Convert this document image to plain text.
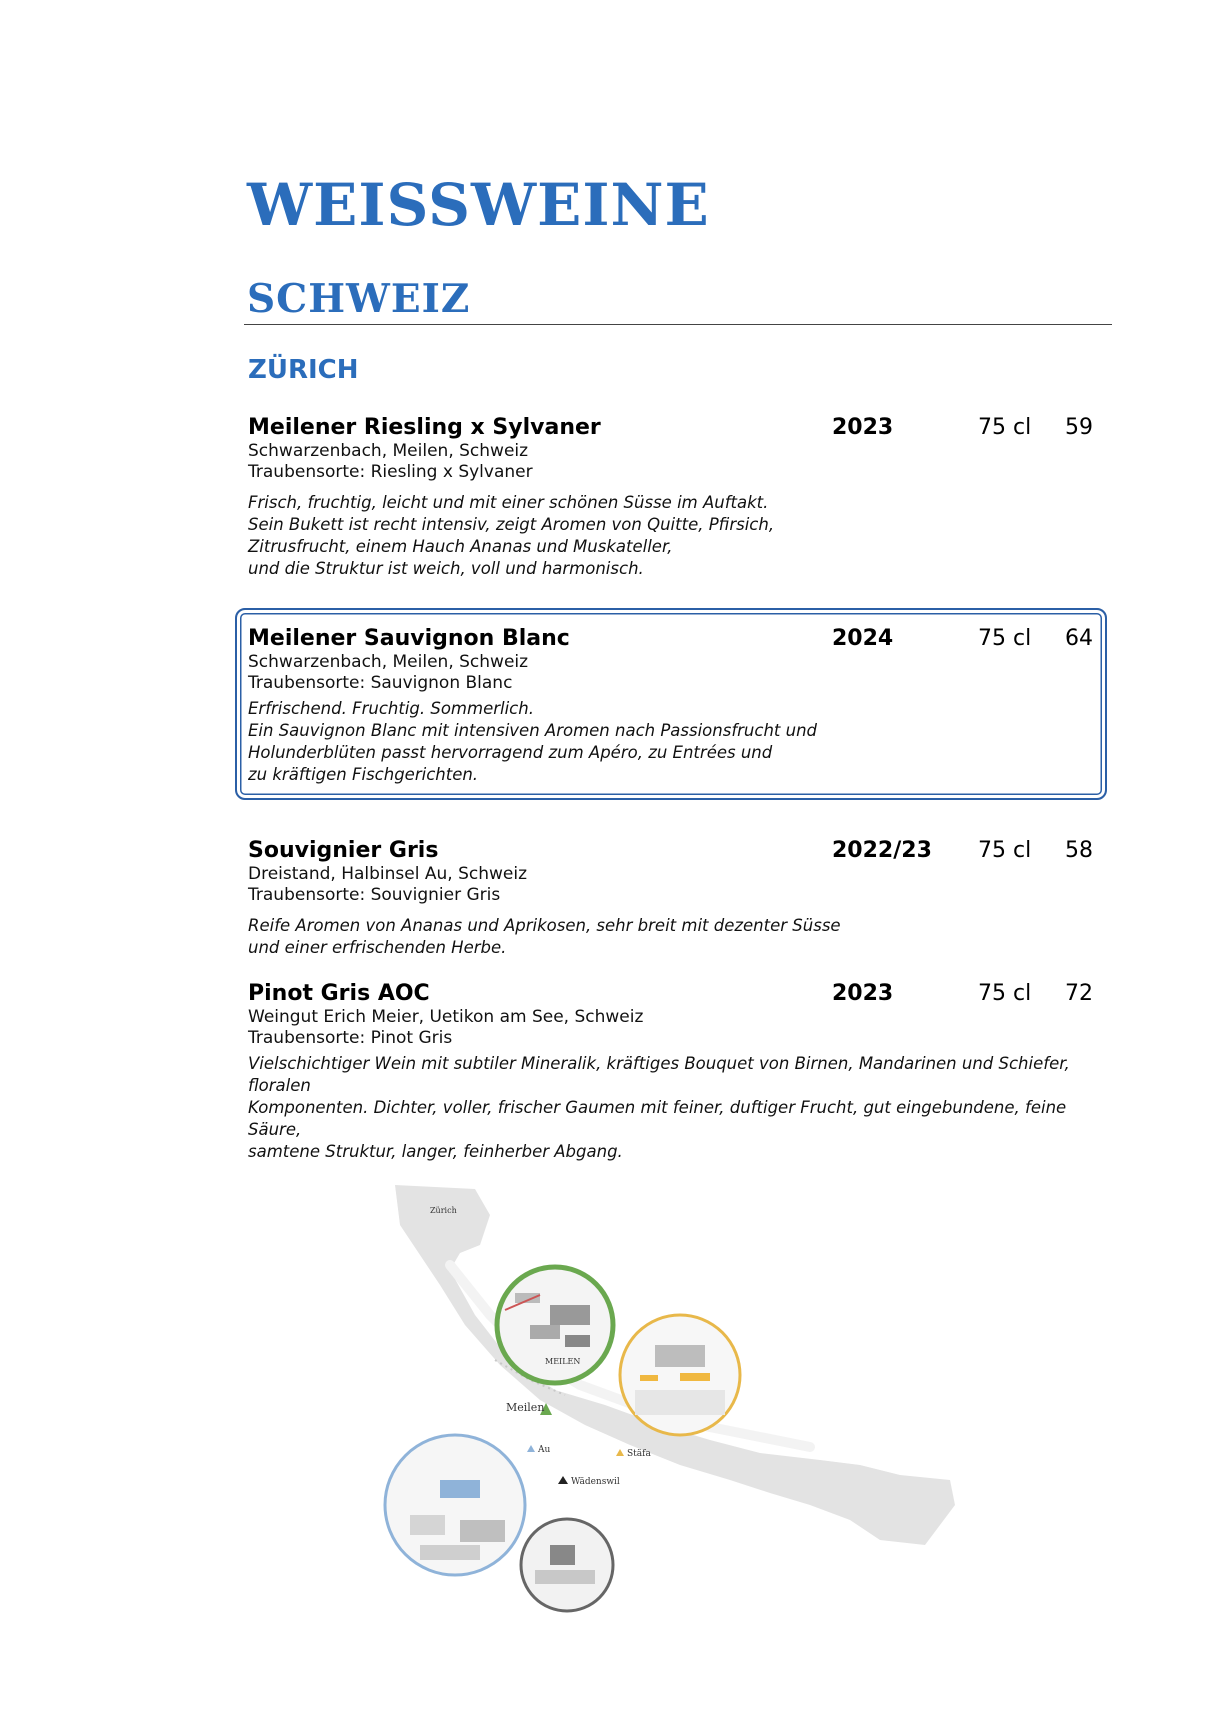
WEISSWEINE
SCHWEIZ
ZÜRICH
Meilener Riesling x Sylvaner	2023	75 cl 59
Schwarzenbach, Meilen, Schweiz
Traubensorte: Riesling x Sylvaner
Frisch, fruchtig, leicht und mit einer schönen Süsse im Auftakt.
Sein Bukett ist recht intensiv, zeigt Aromen von Quitte, Pfirsich,
Zitrusfrucht, einem Hauch Ananas und Muskateller,
und die Struktur ist weich, voll und harmonisch.
Meilener Sauvignon Blanc	2024	75 cl 64
Schwarzenbach, Meilen, Schweiz
Traubensorte: Sauvignon Blanc
Erfrischend. Fruchtig. Sommerlich.
Ein Sauvignon Blanc mit intensiven Aromen nach Passionsfrucht und
Holunderblüten passt hervorragend zum Apéro, zu Entrées und
zu kräftigen Fischgerichten.
Souvignier Gris	2022/23 75 cl 58
Dreistand, Halbinsel Au, Schweiz
Traubensorte: Souvignier Gris
Reife Aromen von Ananas und Aprikosen, sehr breit mit dezenter Süsse
und einer erfrischenden Herbe.
Pinot Gris AOC	2023	75 cl 72
Weingut Erich Meier, Uetikon am See, Schweiz
Traubensorte: Pinot Gris
Vielschichtiger Wein mit subtiler Mineralik, kräftiges Bouquet von Birnen, Mandarinen und Schiefer, floralen
Komponenten. Dichter, voller, frischer Gaumen mit feiner, duftiger Frucht, gut eingebundene, feine Säure,
samtene Struktur, langer, feinherber Abgang.
Zürich
MEILEN
Meilen
Au	Stäfa
Wädenswil
